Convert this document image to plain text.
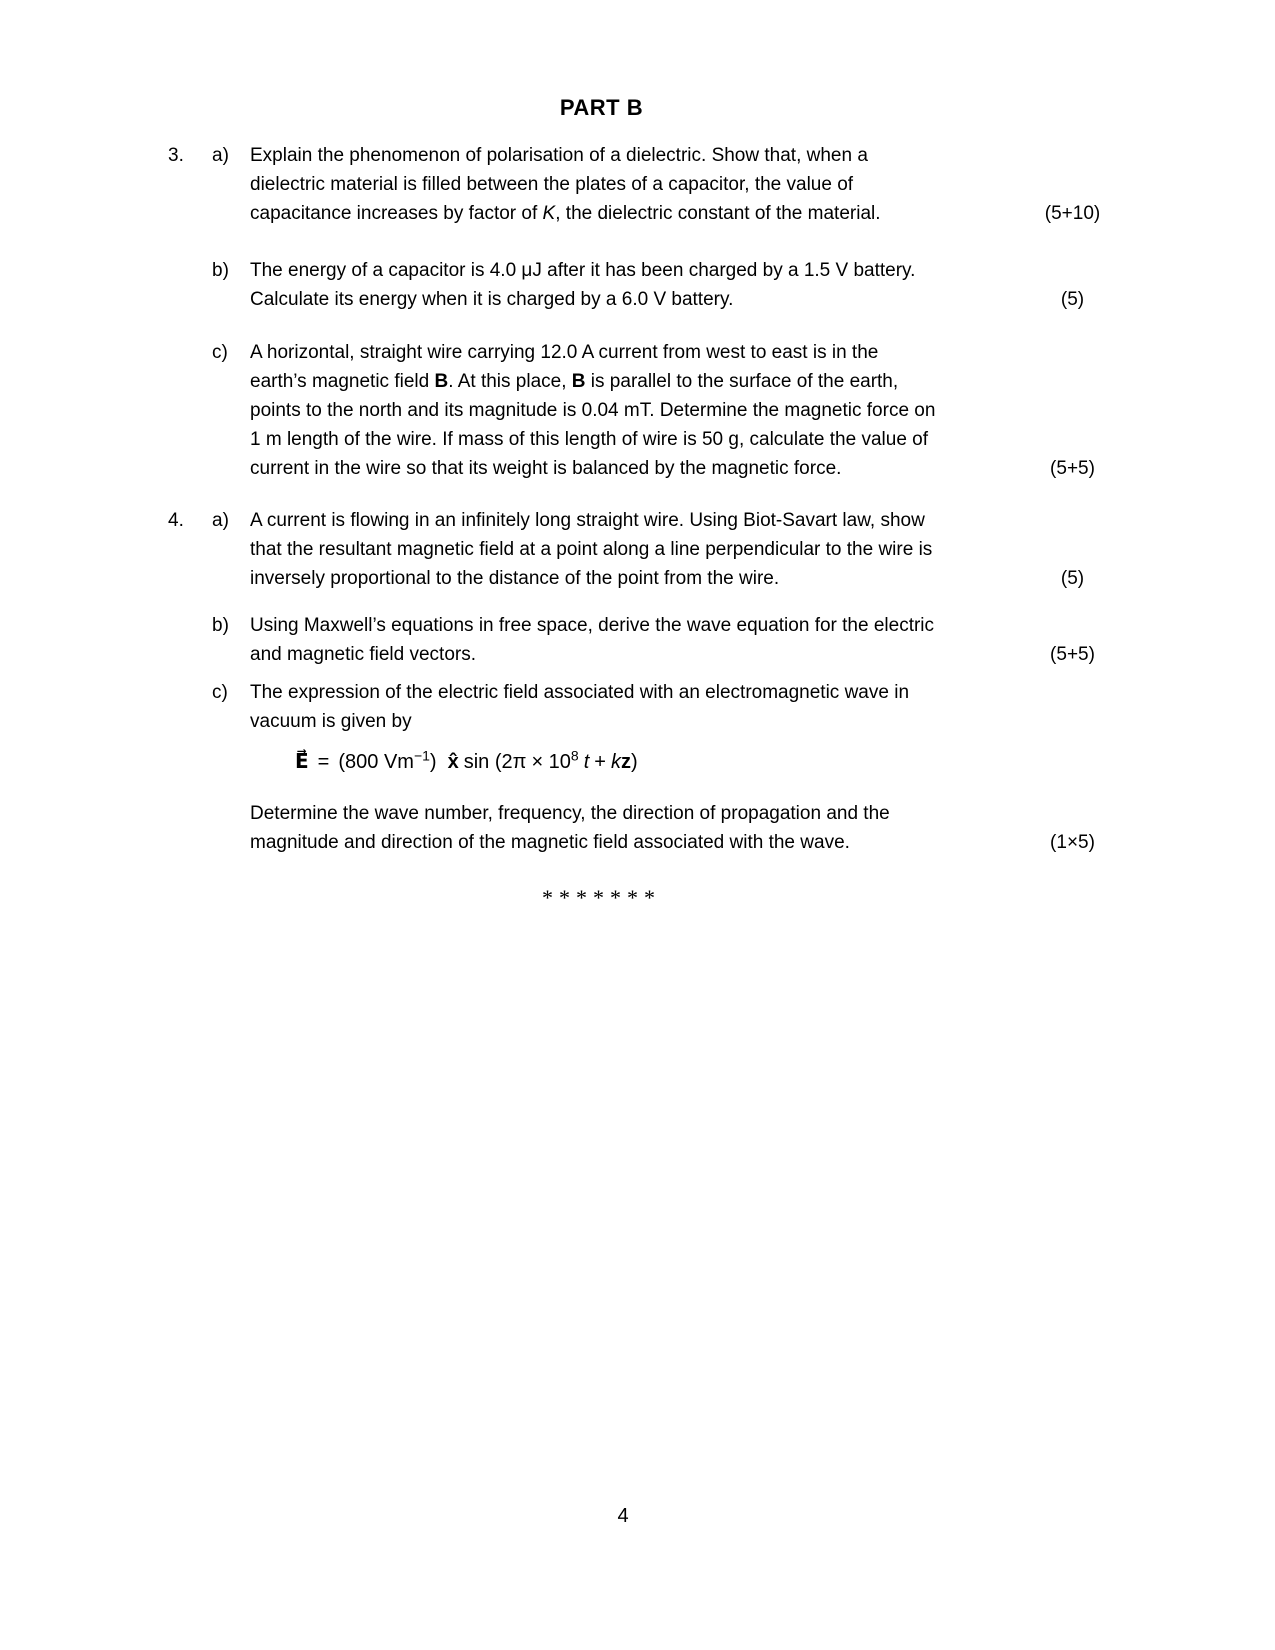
PART B
3.	a)	Explain the phenomenon of polarisation of a dielectric. Show that, when a
dielectric material is filled between the plates of a capacitor, the value of
capacitance increases by factor of K, the dielectric constant of the material.	(5+10)
b)	The energy of a capacitor is 4.0 μJ after it has been charged by a 1.5 V battery.
Calculate its energy when it is charged by a 6.0 V battery.	(5)
c)	A horizontal, straight wire carrying 12.0 A current from west to east is in the
earth’s magnetic field B. At this place, B is parallel to the surface of the earth,
points to the north and its magnitude is 0.04 mT. Determine the magnetic force on
1 m length of the wire. If mass of this length of wire is 50 g, calculate the value of
current in the wire so that its weight is balanced by the magnetic force.	(5+5)
4.	a)	A current is flowing in an infinitely long straight wire. Using Biot-Savart law, show
that the resultant magnetic field at a point along a line perpendicular to the wire is
inversely proportional to the distance of the point from the wire.	(5)
b)	Using Maxwell’s equations in free space, derive the wave equation for the electric
and magnetic field vectors.	(5+5)
c)	The expression of the electric field associated with an electromagnetic wave in
vacuum is given by
E⃗ = (800 $Vm^{-1}$) x̂ $\sin (2\pi \times 10^8$ t + kz)
Determine the wave number, frequency, the direction of propagation and the
magnitude and direction of the magnetic field associated with the wave.	(1×5)
*******
4
